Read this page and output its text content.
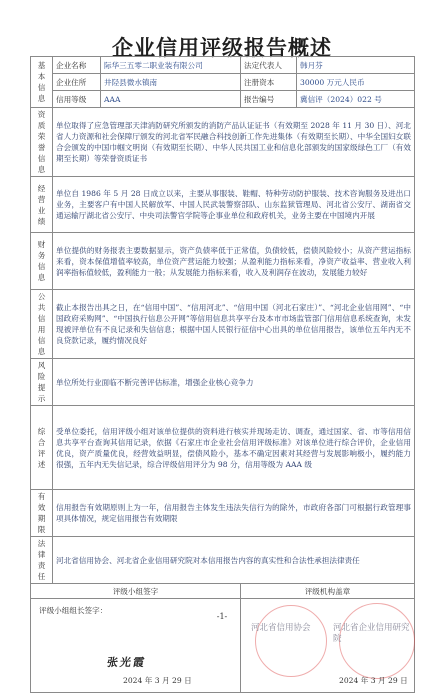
企业信用评级报告概述
基本信息	企业名称	际华三五零二职业装有限公司	法定代表人	韩月芬
	企业住所	井陉县微水镇南	注册资本	30000 万元人民币
	信用等级	AAA	报告编号	冀信评（2024）022 号
资质荣誉信息	单位取得了应急管理部天津消防研究所颁发的消防产品认证证书（有效期至 2028 年 11 月 30 日）、河北省人力资源和社会保障厅颁发的河北省军民融合科技创新工作先进集体（有效期至长期）、中华全国妇女联合会颁发的中国巾帼文明岗（有效期至长期）、中华人民共国工业和信息化部颁发的国家级绿色工厂（有效期至长期）等荣誉资质证书			
经营业绩	单位自 1986 年 5 月 28 日成立以来，主要从事服装、鞋帽、特种劳动防护服装、技术咨询服务及进出口业务，主要客户有中国人民解放军、中国人民武装警察部队、山东监狱管理局、河北省公安厅、湖南省交通运输厅湖北省公安厅、中央司法警官学院等企事业单位和政府机关，业务主要在中国境内开展			
财务信息	单位提供的财务报表主要数据显示，资产负债率低于正常值，负债较低，偿债风险较小；从资产营运指标来看，资本保值增值率较高，单位资产营运能力较强；从盈利能力指标来看，净资产收益率、营业收入利润率指标值较低，盈利能力一般；从发展能力指标来看，收入及利润存在波动，发展能力较好			
公共信用信息	截止本报告出具之日，在“信用中国”、“信用河北”、“信用中国（河北石家庄）”、“河北企业信用网”、“中国政府采购网”、“中国执行信息公开网”等信用信息共享平台及本市市场监管部门信用信息系统查询，未发现被评单位有不良记录和失信信息；根据中国人民银行征信中心出具的单位信用报告，该单位五年内无不良贷款记录，履约情况良好			
风险提示	单位所处行业面临不断完善评估标准，增强企业核心竞争力			
综合评述	受单位委托，信用评级小组对该单位提供的资料进行核实并现场走访、调查，通过国家、省、市等信用信息共享平台查询其信用记录，依据《石家庄市企业社会信用评级标准》对该单位进行综合评价，企业信用优良，资产质量优良，经营效益明显，偿债风险小，基本不确定因素对其经营与发展影响极小，履约能力很强，五年内无失信记录，综合评级信用评分为 98 分，信用等级为 AAA 级			
有效期限	信用报告有效期原则上为一年，信用报告主体发生违法失信行为的除外，市政府各部门可根据行政管理事项具体情况，规定信用报告有效期限			
法律责任	河北省信用协会、河北省企业信用研究院对本信用报告内容的真实性和合法性承担法律责任			
评级小组签字			评级机构盖章	

评级小组组长签字：
张光霞
2024 年 3 月 29 日			河北省信用协会 河北省企业信用研究院
2024 年 3 月 29 日	
-1-
